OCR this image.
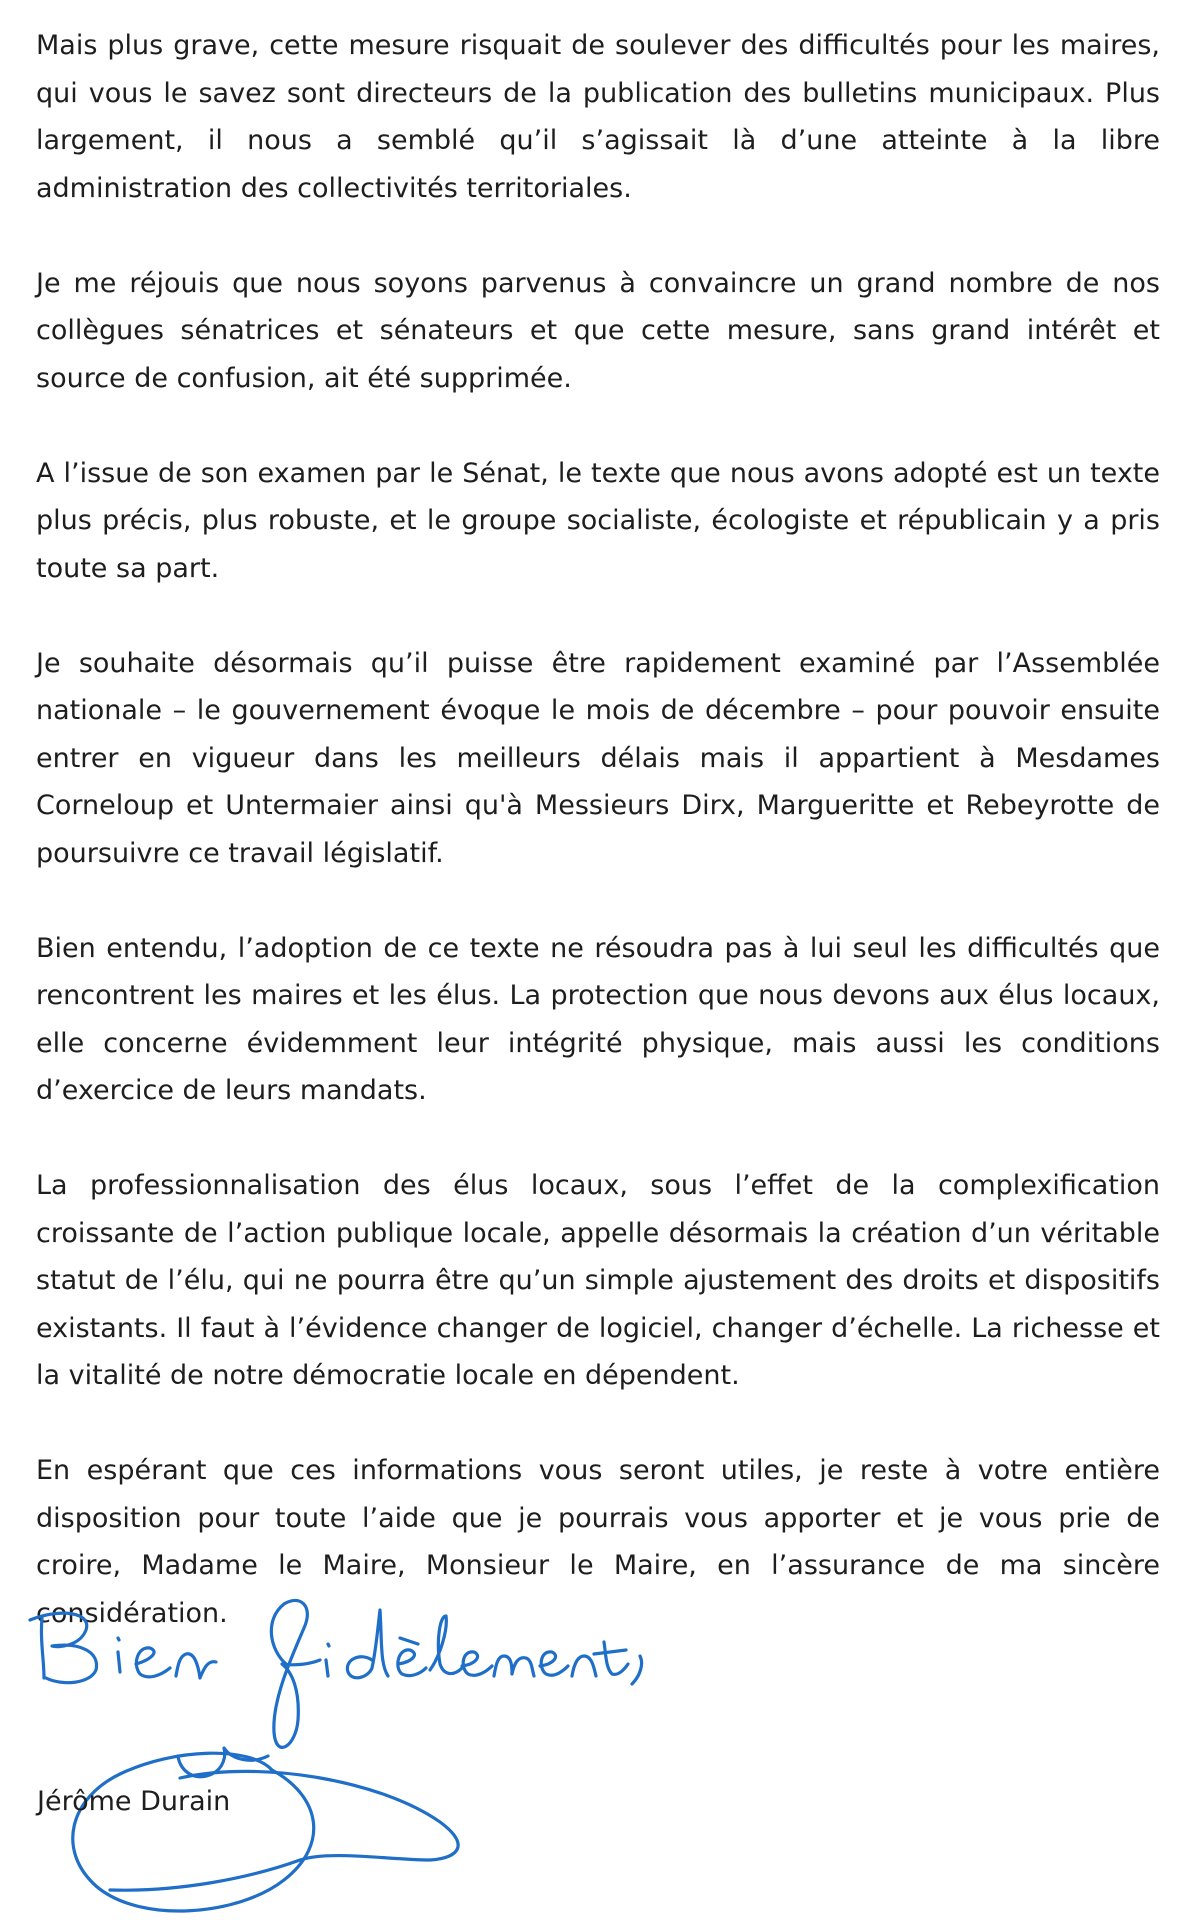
Mais plus grave, cette mesure risquait de soulever des difficultés pour les maires, qui vous le savez sont directeurs de la publication des bulletins municipaux. Plus largement, il nous a semblé qu’il s’agissait là d’une atteinte à la libre administration des collectivités territoriales.

Je me réjouis que nous soyons parvenus à convaincre un grand nombre de nos collègues sénatrices et sénateurs et que cette mesure, sans grand intérêt et source de confusion, ait été supprimée.

A l’issue de son examen par le Sénat, le texte que nous avons adopté est un texte plus précis, plus robuste, et le groupe socialiste, écologiste et républicain y a pris toute sa part.

Je souhaite désormais qu’il puisse être rapidement examiné par l’Assemblée nationale – le gouvernement évoque le mois de décembre – pour pouvoir ensuite entrer en vigueur dans les meilleurs délais mais il appartient à Mesdames Corneloup et Untermaier ainsi qu'à Messieurs Dirx, Margueritte et Rebeyrotte de poursuivre ce travail législatif.

Bien entendu, l’adoption de ce texte ne résoudra pas à lui seul les difficultés que rencontrent les maires et les élus. La protection que nous devons aux élus locaux, elle concerne évidemment leur intégrité physique, mais aussi les conditions d’exercice de leurs mandats.

La professionnalisation des élus locaux, sous l’effet de la complexification croissante de l’action publique locale, appelle désormais la création d’un véritable statut de l’élu, qui ne pourra être qu’un simple ajustement des droits et dispositifs existants. Il faut à l’évidence changer de logiciel, changer d’échelle. La richesse et la vitalité de notre démocratie locale en dépendent.

En espérant que ces informations vous seront utiles, je reste à votre entière disposition pour toute l’aide que je pourrais vous apporter et je vous prie de croire, Madame le Maire, Monsieur le Maire, en l’assurance de ma sincère considération.

Jérôme Durain
